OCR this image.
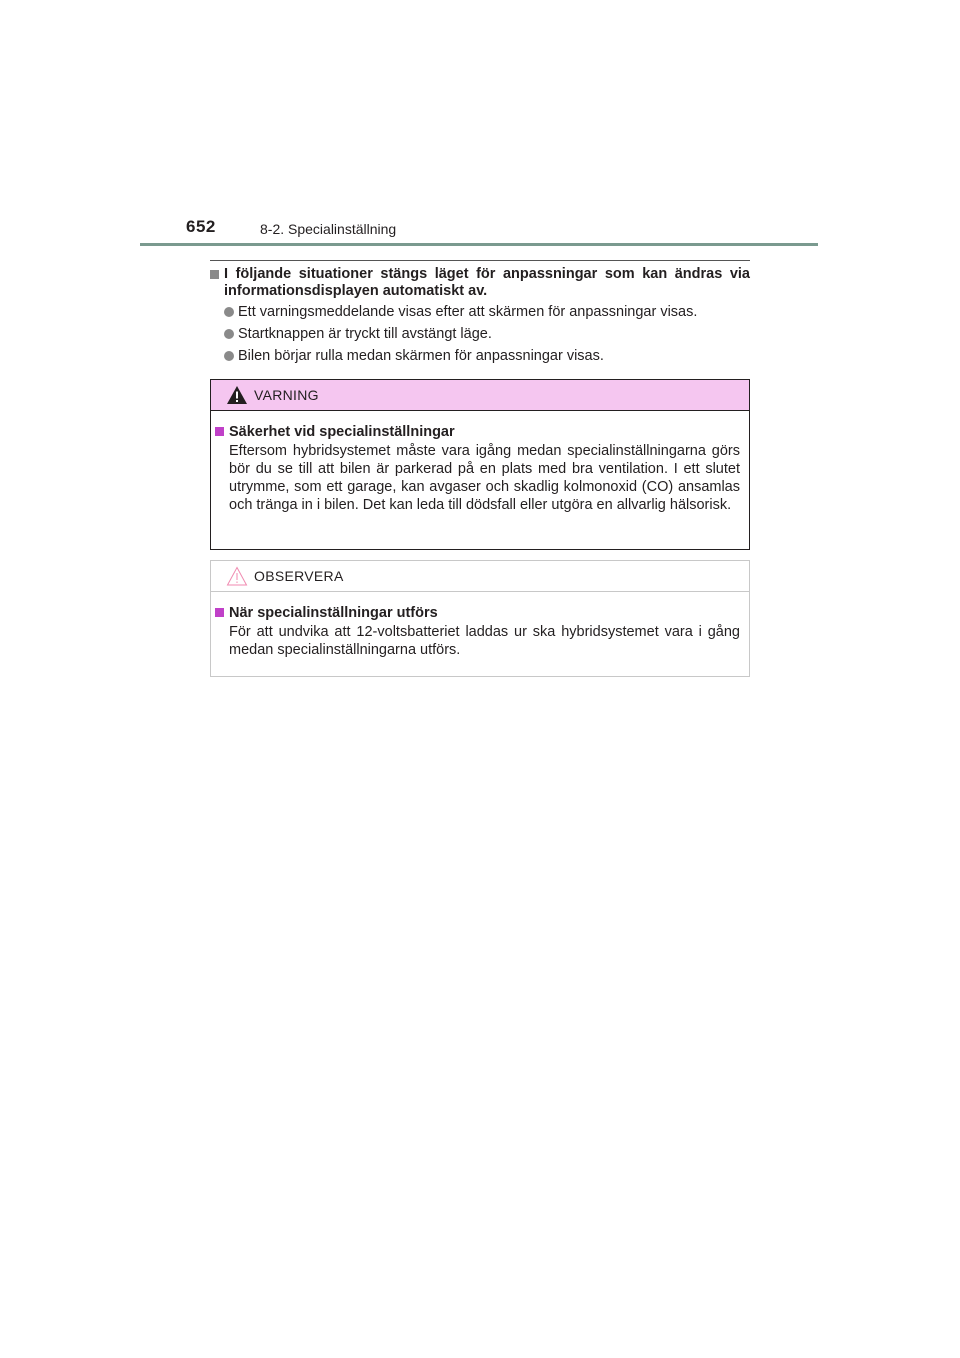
652	8-2. Specialinställning
I följande situationer stängs läget för anpassningar som kan ändras via informationsdisplayen automatiskt av.
Ett varningsmeddelande visas efter att skärmen för anpassningar visas.
Startknappen är tryckt till avstängt läge.
Bilen börjar rulla medan skärmen för anpassningar visas.
VARNING
Säkerhet vid specialinställningar
Eftersom hybridsystemet måste vara igång medan specialinställningarna görs bör du se till att bilen är parkerad på en plats med bra ventilation. I ett slutet utrymme, som ett garage, kan avgaser och skadlig kolmonoxid (CO) ansamlas och tränga in i bilen. Det kan leda till dödsfall eller utgöra en allvarlig hälsorisk.
OBSERVERA
När specialinställningar utförs
För att undvika att 12-voltsbatteriet laddas ur ska hybridsystemet vara i gång medan specialinställningarna utförs.
